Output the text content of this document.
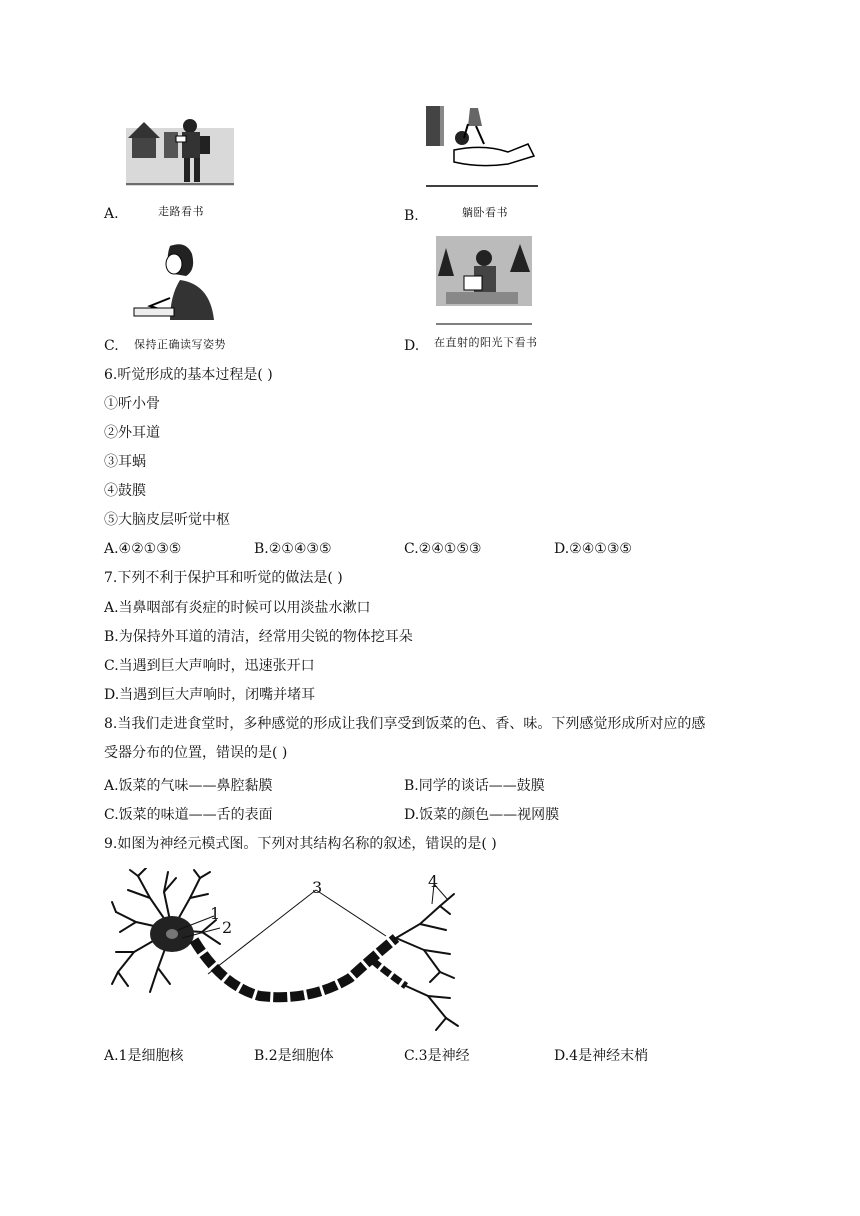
A.	走路看书	B.	躺卧看书
C. 保持正确读写姿势	D. 在直射的阳光下看书
6.听觉形成的基本过程是( )
①听小骨
②外耳道
③耳蜗
④鼓膜
⑤大脑皮层听觉中枢
A.④②①③⑤	B.②①④③⑤	C.②④①⑤③	D.②④①③⑤
7.下列不利于保护耳和听觉的做法是( )
A.当鼻咽部有炎症的时候可以用淡盐水漱口
B.为保持外耳道的清洁，经常用尖锐的物体挖耳朵
C.当遇到巨大声响时，迅速张开口
D.当遇到巨大声响时，闭嘴并堵耳
8.当我们走进食堂时，多种感觉的形成让我们享受到饭菜的色、香、味。下列感觉形成所对应的感
受器分布的位置，错误的是( )
A.饭菜的气味——鼻腔黏膜	B.同学的谈话——鼓膜
C.饭菜的味道——舌的表面	D.饭菜的颜色——视网膜
9.如图为神经元模式图。下列对其结构名称的叙述，错误的是( )
1
2
3	4
A.1是细胞核	B.2是细胞体	C.3是神经	D.4是神经末梢
